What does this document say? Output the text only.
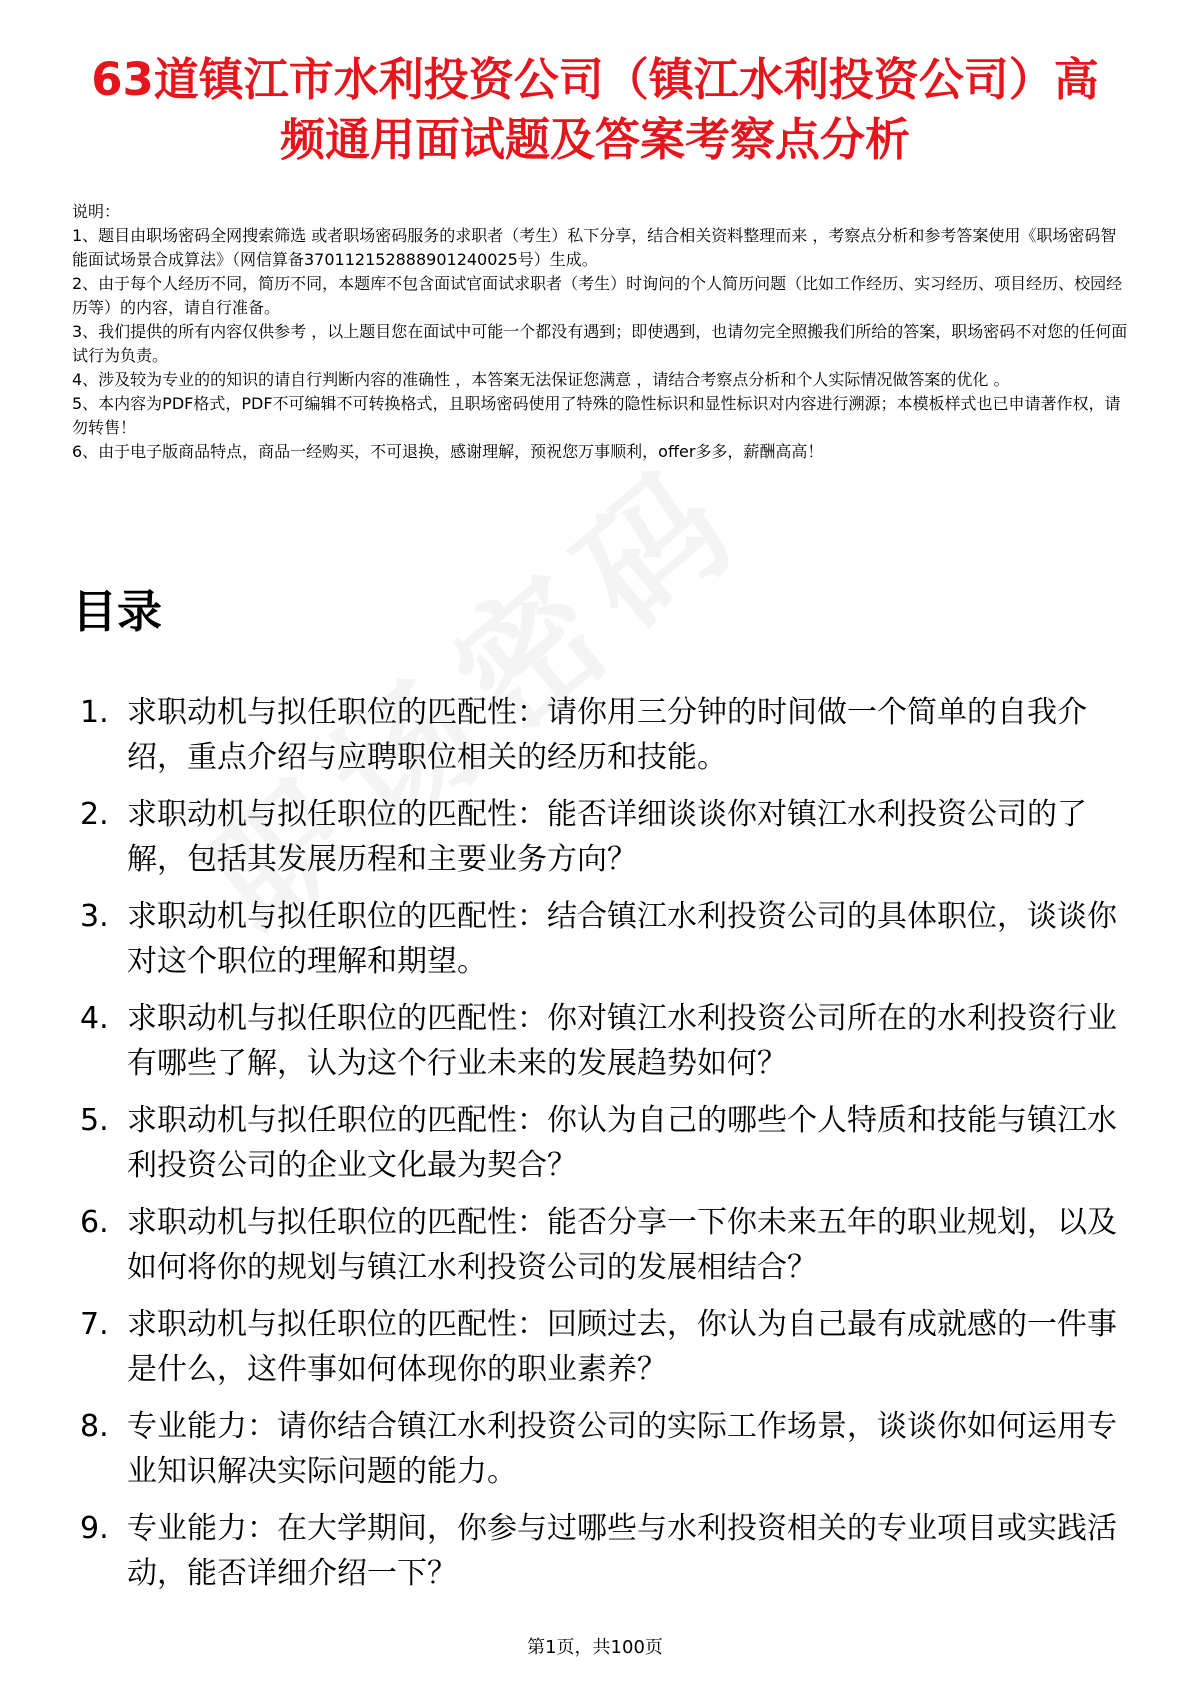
63道镇江市水利投资公司（镇江水利投资公司）高频通用面试题及答案考察点分析

说明：

1、题目由职场密码全网搜索筛选 或者职场密码服务的求职者（考生）私下分享，结合相关资料整理而来 ，考察点分析和参考答案使用《职场密码智能面试场景合成算法》（网信算备370112152888901240025号）生成。

2、由于每个人经历不同，简历不同，本题库不包含面试官面试求职者（考生）时询问的个人简历问题（比如工作经历、实习经历、项目经历、校园经历等）的内容，请自行准备。

3、我们提供的所有内容仅供参考 ，以上题目您在面试中可能一个都没有遇到；即使遇到，也请勿完全照搬我们所给的答案，职场密码不对您的任何面试行为负责。

4、涉及较为专业的的知识的请自行判断内容的准确性 ，本答案无法保证您满意 ，请结合考察点分析和个人实际情况做答案的优化 。

5、本内容为PDF格式，PDF不可编辑不可转换格式，且职场密码使用了特殊的隐性标识和显性标识对内容进行溯源；本模板样式也已申请著作权，请勿转售！

6、由于电子版商品特点，商品一经购买，不可退换，感谢理解，预祝您万事顺利，offer多多，薪酬高高！

目录
1. 求职动机与拟任职位的匹配性：请你用三分钟的时间做一个简单的自我介绍，重点介绍与应聘职位相关的经历和技能。
2. 求职动机与拟任职位的匹配性：能否详细谈谈你对镇江水利投资公司的了解，包括其发展历程和主要业务方向？
3. 求职动机与拟任职位的匹配性：结合镇江水利投资公司的具体职位，谈谈你对这个职位的理解和期望。
4. 求职动机与拟任职位的匹配性：你对镇江水利投资公司所在的水利投资行业有哪些了解，认为这个行业未来的发展趋势如何？
5. 求职动机与拟任职位的匹配性：你认为自己的哪些个人特质和技能与镇江水利投资公司的企业文化最为契合？
6. 求职动机与拟任职位的匹配性：能否分享一下你未来五年的职业规划，以及如何将你的规划与镇江水利投资公司的发展相结合？
7. 求职动机与拟任职位的匹配性：回顾过去，你认为自己最有成就感的一件事是什么，这件事如何体现你的职业素养？
8. 专业能力：请你结合镇江水利投资公司的实际工作场景，谈谈你如何运用专业知识解决实际问题的能力。
9. 专业能力：在大学期间，你参与过哪些与水利投资相关的专业项目或实践活动，能否详细介绍一下？
第1页，共100页
